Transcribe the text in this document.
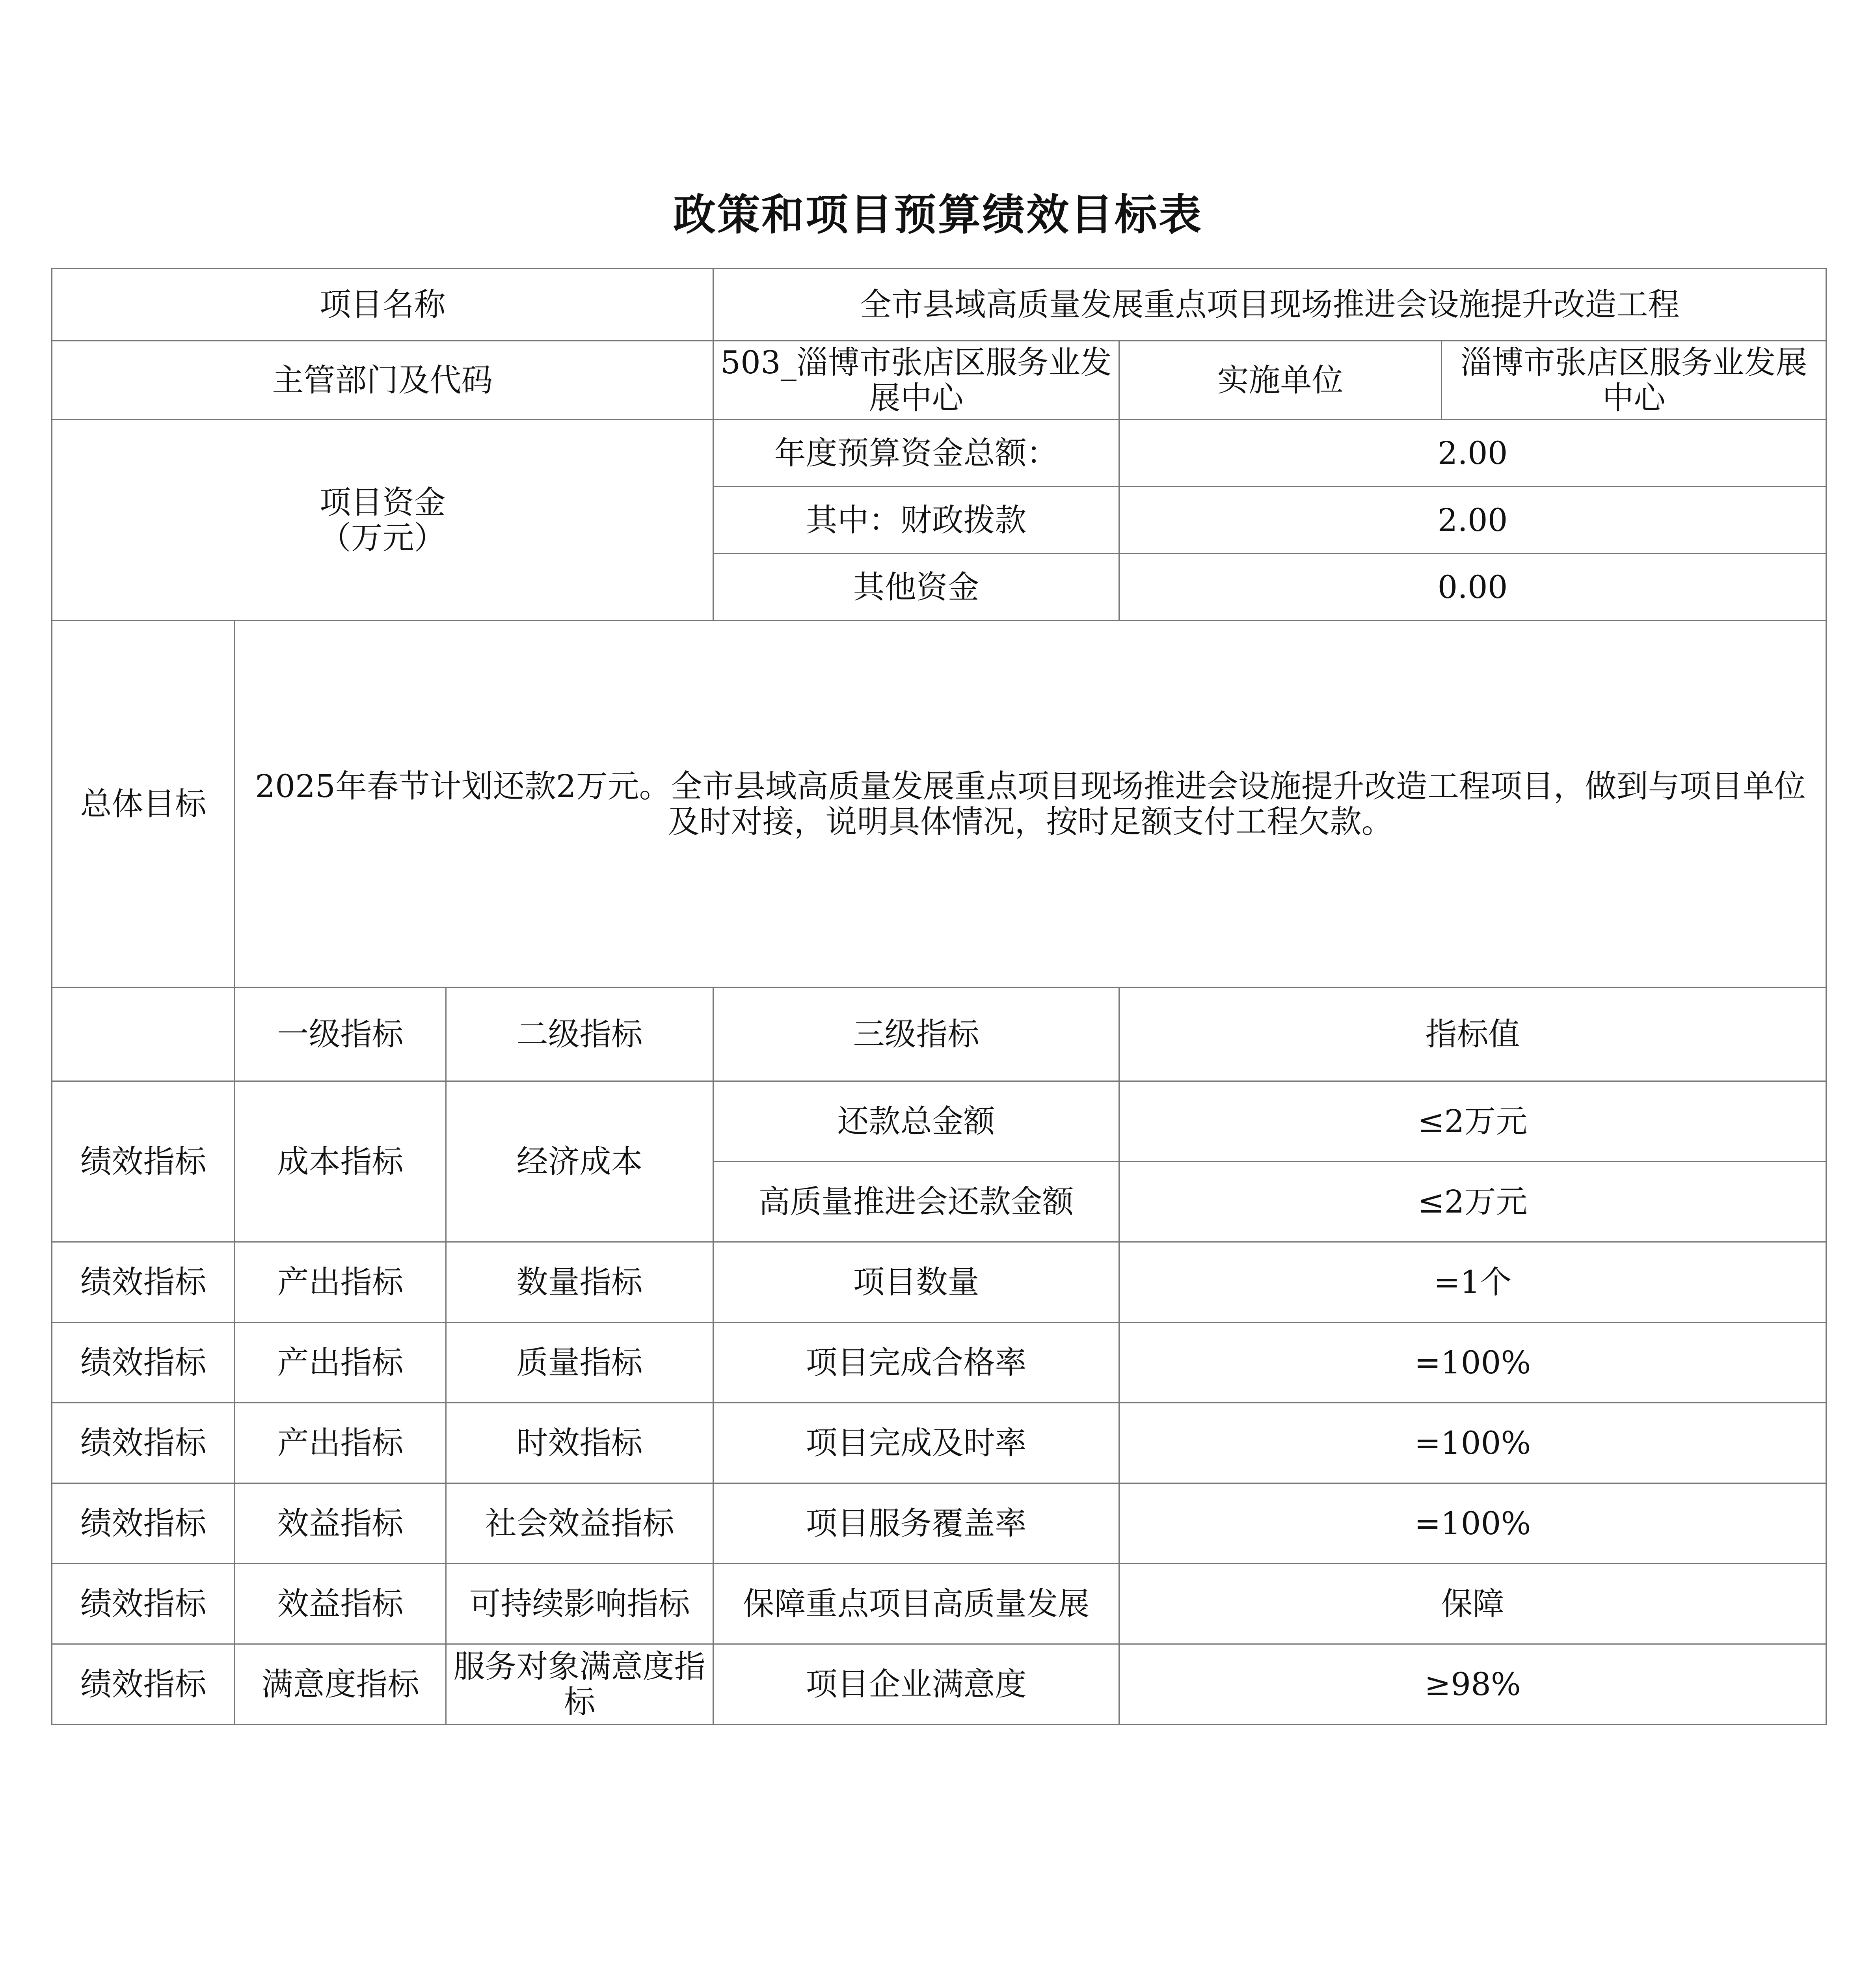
政策和项目预算绩效目标表
项目名称			全市县域高质量发展重点项目现场推进会设施提升改造工程		
主管部门及代码			503_淄博市张店区服务业发展中心	实施单位	淄博市张店区服务业发展中心

项目资金
（万元）			年度预算资金总额：	2.00	
			其中：财政拨款	2.00	
			其他资金	0.00	
总体目标	2025年春节计划还款2万元。全市县域高质量发展重点项目现场推进会设施提升改造工程项目，做到与项目单位及时对接，说明具体情况，按时足额支付工程欠款。				
	一级指标	二级指标	三级指标	指标值	
绩效指标	成本指标	经济成本	还款总金额	≤2万元	
			高质量推进会还款金额	≤2万元	
绩效指标	产出指标	数量指标	项目数量	=1个	
绩效指标	产出指标	质量指标	项目完成合格率	=100%	
绩效指标	产出指标	时效指标	项目完成及时率	=100%	
绩效指标	效益指标	社会效益指标	项目服务覆盖率	=100%	
绩效指标	效益指标	可持续影响指标	保障重点项目高质量发展	保障	
绩效指标	满意度指标	服务对象满意度指标	项目企业满意度	≥98%	
